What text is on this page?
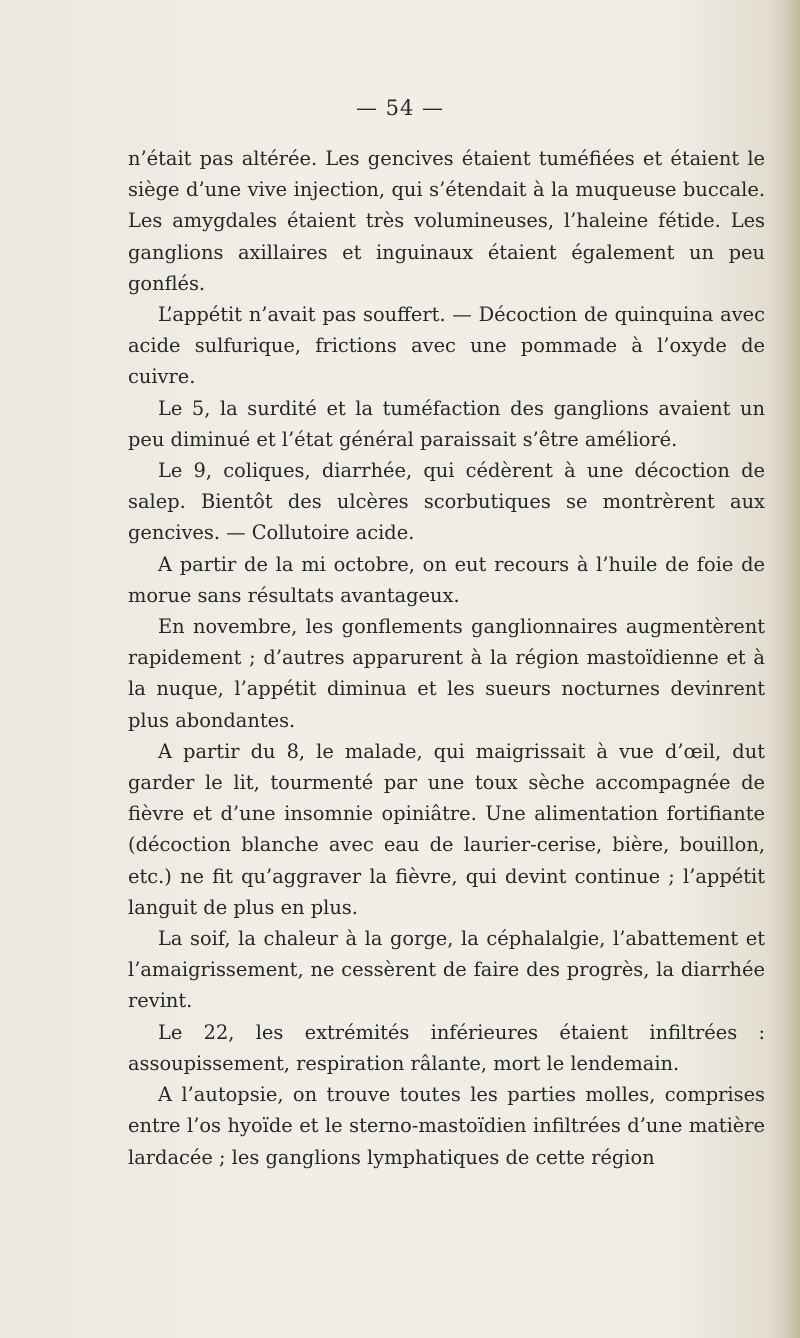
— 54 —

n’était pas altérée. Les gencives étaient tuméfiées et étaient le siège d’une vive injection, qui s’étendait à la muqueuse buccale. Les amygdales étaient très volumineuses, l’haleine fétide. Les ganglions axillaires et inguinaux étaient également un peu gonflés.

L’appétit n’avait pas souffert. — Décoction de quinquina avec acide sulfurique, frictions avec une pommade à l’oxyde de cuivre.

Le 5, la surdité et la tuméfaction des ganglions avaient un peu diminué et l’état général paraissait s’être amélioré.

Le 9, coliques, diarrhée, qui cédèrent à une décoction de salep. Bientôt des ulcères scorbutiques se montrèrent aux gencives. — Collutoire acide.

A partir de la mi octobre, on eut recours à l’huile de foie de morue sans résultats avantageux.

En novembre, les gonflements ganglionnaires augmentèrent rapidement ; d’autres apparurent à la région mastoïdienne et à la nuque, l’appétit diminua et les sueurs nocturnes devinrent plus abondantes.

A partir du 8, le malade, qui maigrissait à vue d’œil, dut garder le lit, tourmenté par une toux sèche accompagnée de fièvre et d’une insomnie opiniâtre. Une alimentation fortifiante (décoction blanche avec eau de laurier-cerise, bière, bouillon, etc.) ne fit qu’aggraver la fièvre, qui devint continue ; l’appétit languit de plus en plus.

La soif, la chaleur à la gorge, la céphalalgie, l’abattement et l’amaigrissement, ne cessèrent de faire des progrès, la diarrhée revint.

Le 22, les extrémités inférieures étaient infiltrées : assoupissement, respiration râlante, mort le lendemain.

A l’autopsie, on trouve toutes les parties molles, comprises entre l’os hyoïde et le sterno-mastoïdien infiltrées d’une matière lardacée ; les ganglions lymphatiques de cette région
